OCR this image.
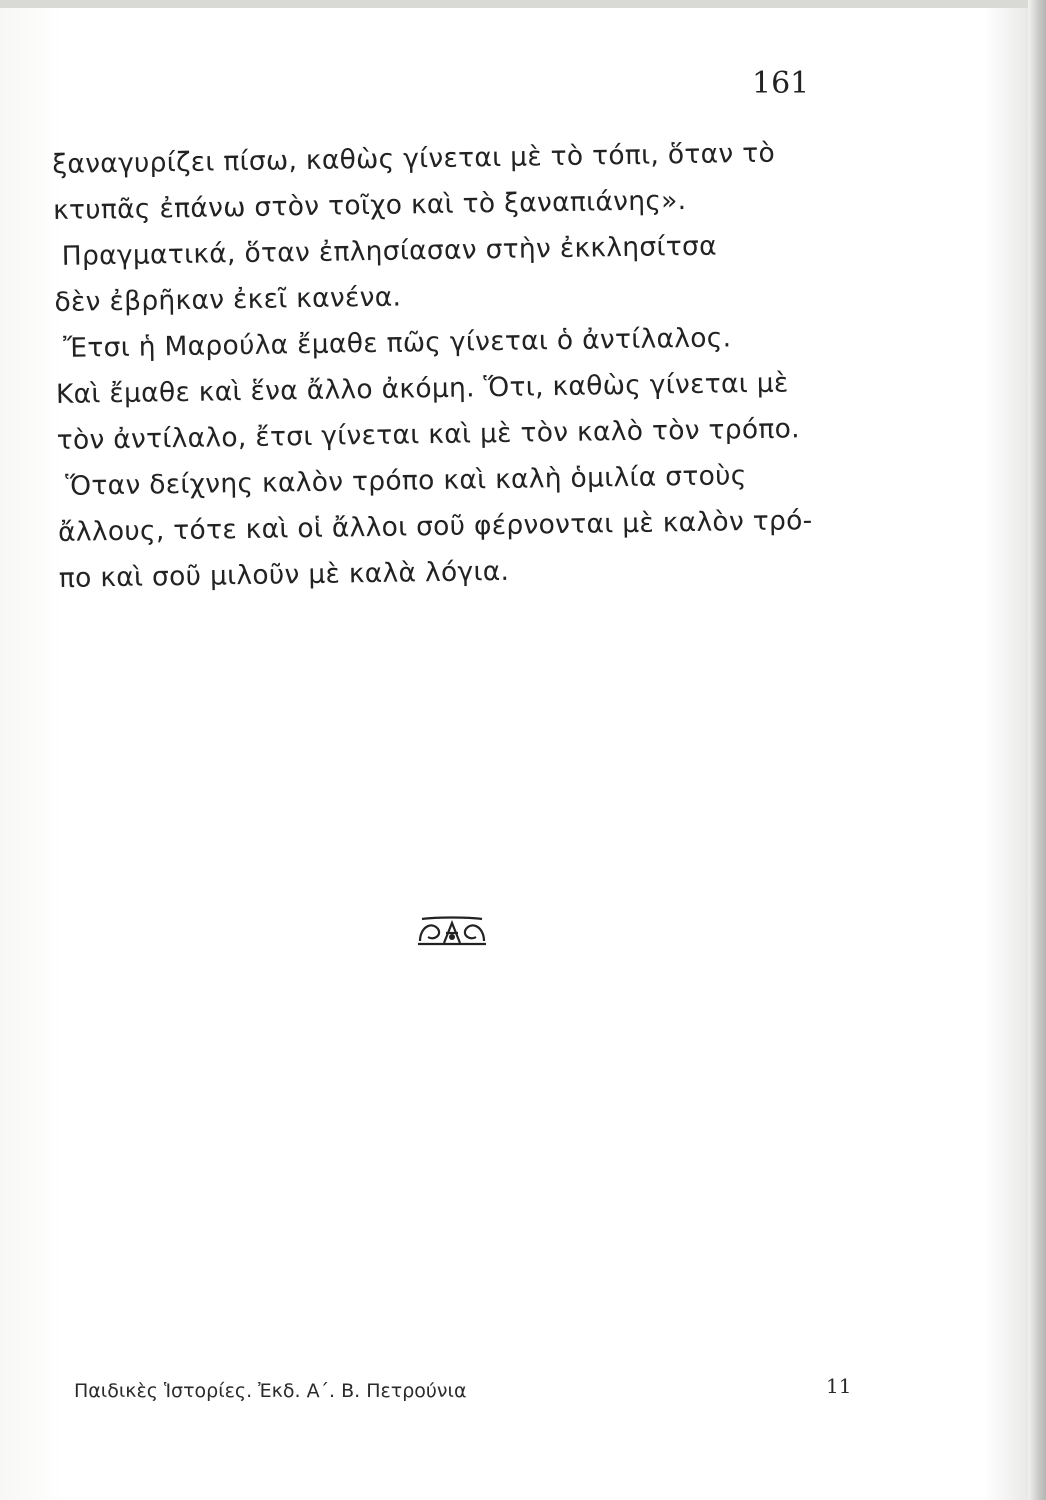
161
ξαναγυρίζει πίσω, καθὼς γίνεται μὲ τὸ τόπι, ὅταν τὸ
κτυπᾶς ἐπάνω στὸν τοῖχο καὶ τὸ ξαναπιάνης».
Πραγματικά, ὅταν ἐπλησίασαν στὴν ἐκκλησίτσα
δὲν ἐβρῆκαν ἐκεῖ κανένα.
Ἔτσι ἡ Μαρούλα ἔμαθε πῶς γίνεται ὁ ἀντίλαλος.
Καὶ ἔμαθε καὶ ἕνα ἄλλο ἀκόμη. Ὅτι, καθὼς γίνεται μὲ
τὸν ἀντίλαλο, ἔτσι γίνεται καὶ μὲ τὸν καλὸ τὸν τρόπο.
Ὅταν δείχνης καλὸν τρόπο καὶ καλὴ ὁμιλία στοὺς
ἄλλους, τότε καὶ οἱ ἄλλοι σοῦ φέρνονται μὲ καλὸν τρό-
πο καὶ σοῦ μιλοῦν μὲ καλὰ λόγια.
Παιδικὲς Ἱστορίες. Ἐκδ. Α΄. Β. Πετρούνια	11
